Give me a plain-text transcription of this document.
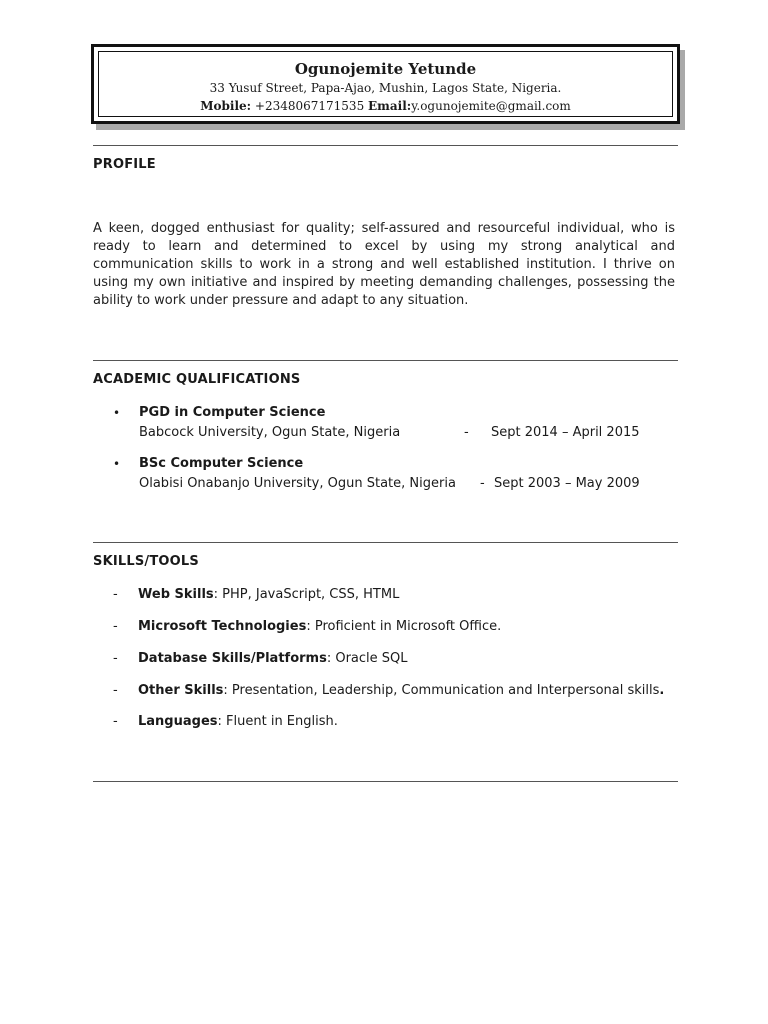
Ogunojemite Yetunde
33 Yusuf Street, Papa-Ajao, Mushin, Lagos State, Nigeria.
Mobile: +2348067171535 Email:y.ogunojemite@gmail.com
PROFILE
A keen, dogged enthusiast for quality; self-assured and resourceful individual, who is ready to learn and determined to excel by using my strong analytical and communication skills to work in a strong and well established institution. I thrive on using my own initiative and inspired by meeting demanding challenges, possessing the ability to work under pressure and adapt to any situation.
ACADEMIC QUALIFICATIONS
• PGD in Computer Science
Babcock University, Ogun State, Nigeria	- Sept 2014 – April 2015
• BSc Computer Science
Olabisi Onabanjo University, Ogun State, Nigeria - Sept 2003 – May 2009
SKILLS/TOOLS
- Web Skills: PHP, JavaScript, CSS, HTML
- Microsoft Technologies: Proficient in Microsoft Office.
- Database Skills/Platforms: Oracle SQL
- Other Skills: Presentation, Leadership, Communication and Interpersonal skills.
- Languages: Fluent in English.
